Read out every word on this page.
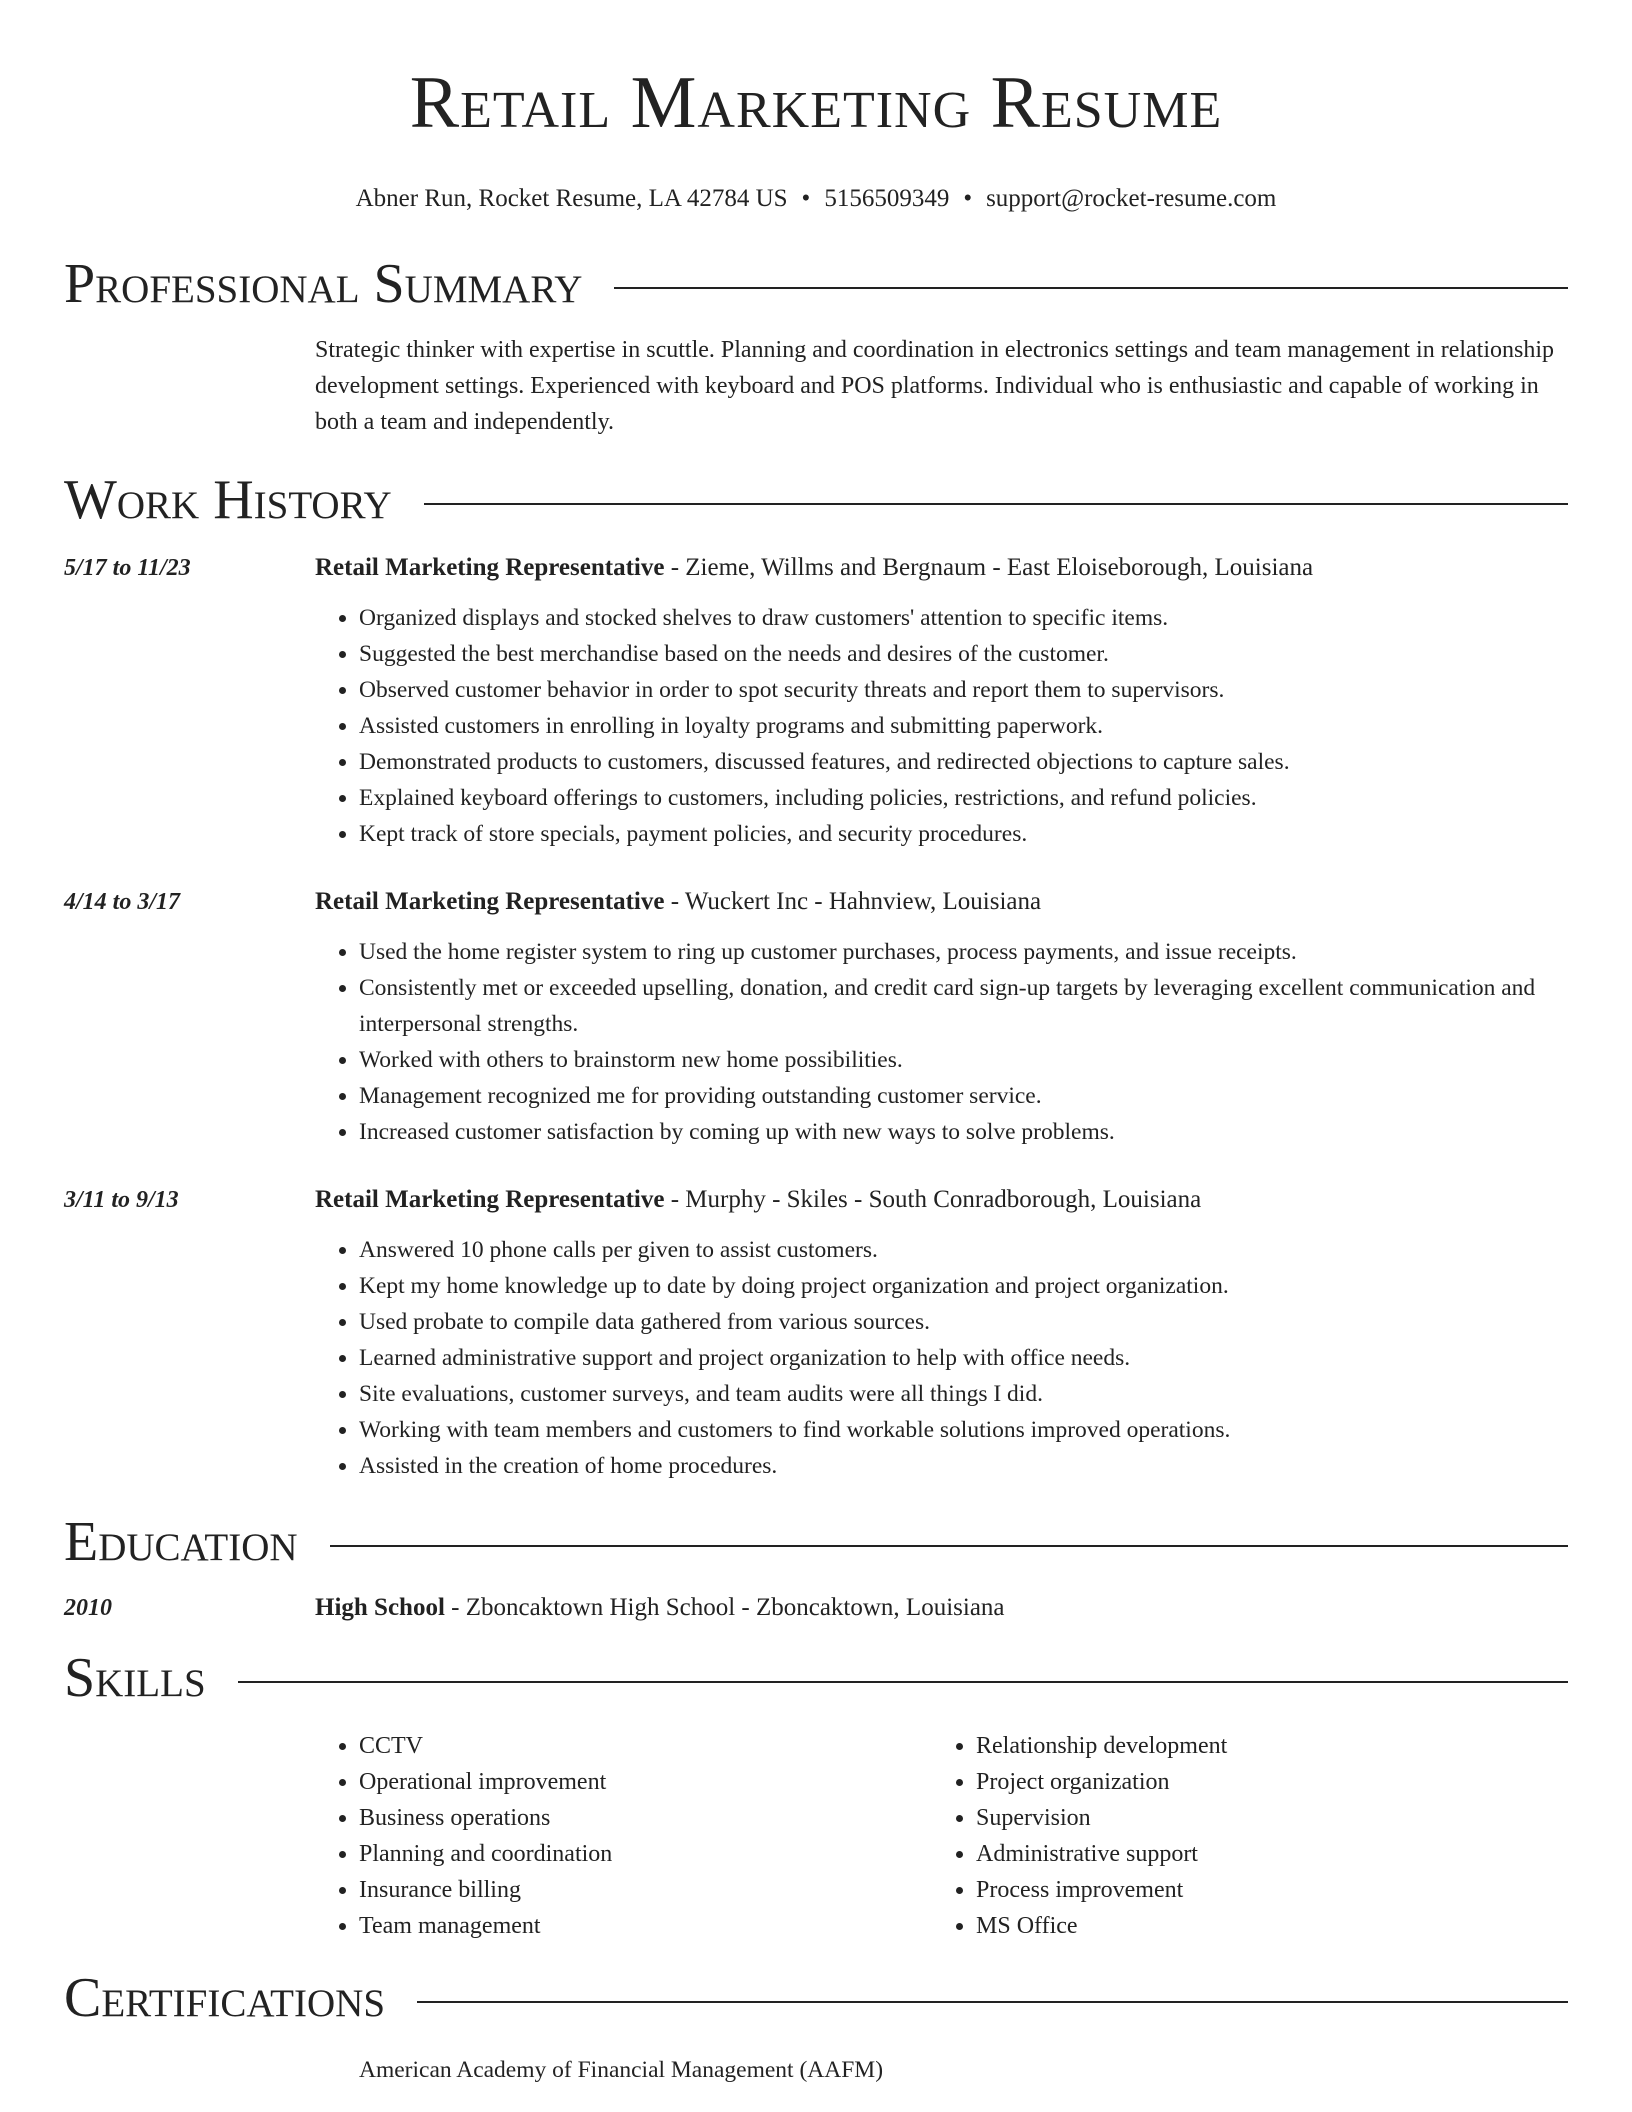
Retail Marketing Resume
Abner Run, Rocket Resume, LA 42784 US • 5156509349 • support@rocket-resume.com
Professional Summary
Strategic thinker with expertise in scuttle. Planning and coordination in electronics settings and team management in relationship development settings. Experienced with keyboard and POS platforms. Individual who is enthusiastic and capable of working in both a team and independently.
Work History
5/17 to 11/23	Retail Marketing Representative - Zieme, Willms and Bergnaum - East Eloiseborough, Louisiana
• Organized displays and stocked shelves to draw customers' attention to specific items.
• Suggested the best merchandise based on the needs and desires of the customer.
• Observed customer behavior in order to spot security threats and report them to supervisors.
• Assisted customers in enrolling in loyalty programs and submitting paperwork.
• Demonstrated products to customers, discussed features, and redirected objections to capture sales.
• Explained keyboard offerings to customers, including policies, restrictions, and refund policies.
• Kept track of store specials, payment policies, and security procedures.
4/14 to 3/17	Retail Marketing Representative - Wuckert Inc - Hahnview, Louisiana
• Used the home register system to ring up customer purchases, process payments, and issue receipts.
• Consistently met or exceeded upselling, donation, and credit card sign-up targets by leveraging excellent communication and interpersonal strengths.
• Worked with others to brainstorm new home possibilities.
• Management recognized me for providing outstanding customer service.
• Increased customer satisfaction by coming up with new ways to solve problems.
3/11 to 9/13	Retail Marketing Representative - Murphy - Skiles - South Conradborough, Louisiana
• Answered 10 phone calls per given to assist customers.
• Kept my home knowledge up to date by doing project organization and project organization.
• Used probate to compile data gathered from various sources.
• Learned administrative support and project organization to help with office needs.
• Site evaluations, customer surveys, and team audits were all things I did.
• Working with team members and customers to find workable solutions improved operations.
• Assisted in the creation of home procedures.
Education
2010	High School - Zboncaktown High School - Zboncaktown, Louisiana
Skills
• CCTV
• Operational improvement
• Business operations
• Planning and coordination
• Insurance billing
• Team management
• Relationship development
• Project organization
• Supervision
• Administrative support
• Process improvement
• MS Office
Certifications
American Academy of Financial Management (AAFM)
